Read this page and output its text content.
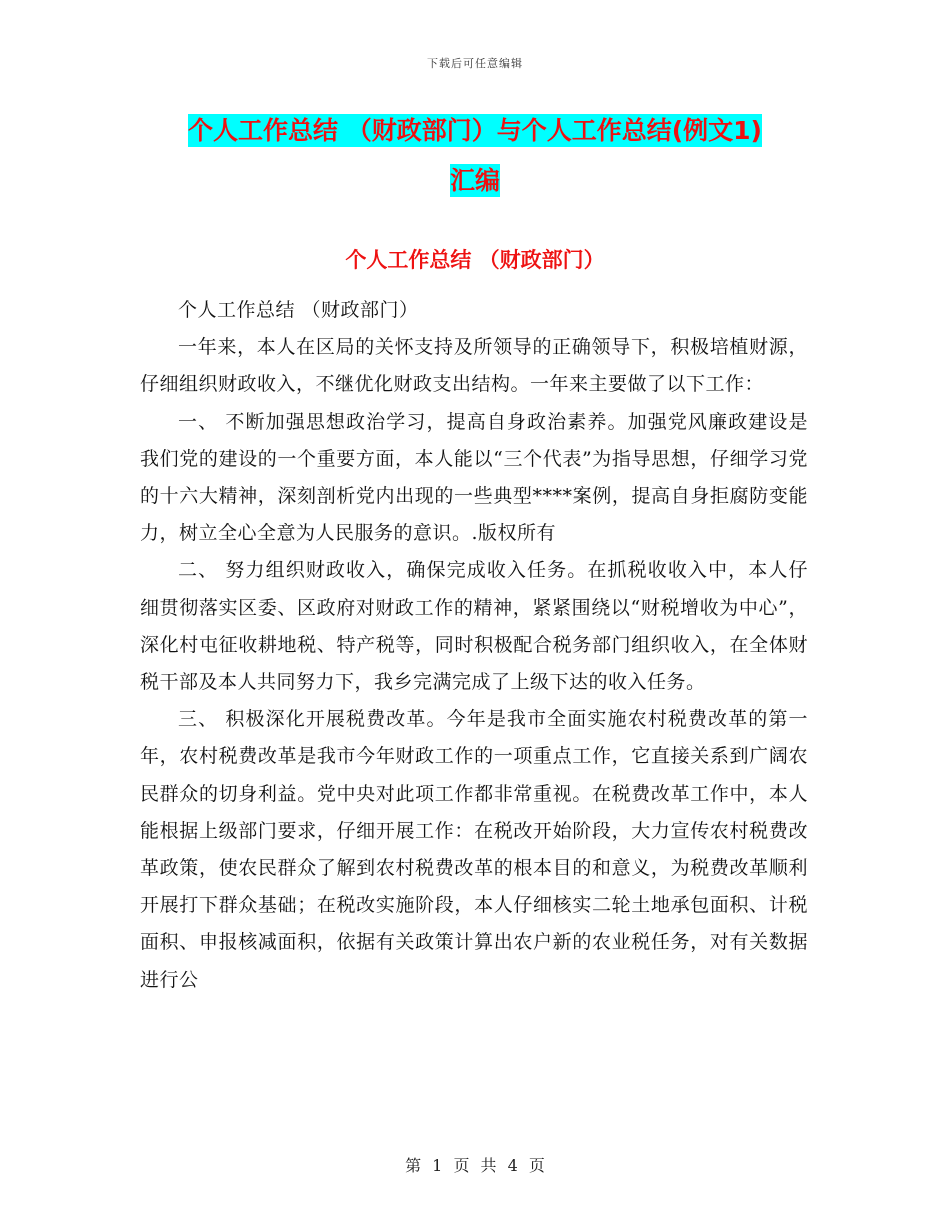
下载后可任意编辑
个人工作总结 （财政部门）与个人工作总结(例文1)
汇编
个人工作总结 （财政部门）

个人工作总结 （财政部门）

一年来，本人在区局的关怀支持及所领导的正确领导下，积极培植财源，仔细组织财政收入，不继优化财政支出结构。一年来主要做了以下工作：

一、 不断加强思想政治学习，提高自身政治素养。加强党风廉政建设是我们党的建设的一个重要方面，本人能以“三个代表”为指导思想，仔细学习党的十六大精神，深刻剖析党内出现的一些典型****案例，提高自身拒腐防变能力，树立全心全意为人民服务的意识。.版权所有

二、 努力组织财政收入，确保完成收入任务。在抓税收收入中，本人仔细贯彻落实区委、区政府对财政工作的精神，紧紧围绕以“财税增收为中心”，深化村屯征收耕地税、特产税等，同时积极配合税务部门组织收入，在全体财税干部及本人共同努力下，我乡完满完成了上级下达的收入任务。

三、 积极深化开展税费改革。今年是我市全面实施农村税费改革的第一年，农村税费改革是我市今年财政工作的一项重点工作，它直接关系到广阔农民群众的切身利益。党中央对此项工作都非常重视。在税费改革工作中，本人能根据上级部门要求，仔细开展工作：在税改开始阶段，大力宣传农村税费改革政策，使农民群众了解到农村税费改革的根本目的和意义，为税费改革顺利开展打下群众基础；在税改实施阶段，本人仔细核实二轮土地承包面积、计税面积、申报核减面积，依据有关政策计算出农户新的农业税任务，对有关数据进行公

第 1 页 共 4 页
